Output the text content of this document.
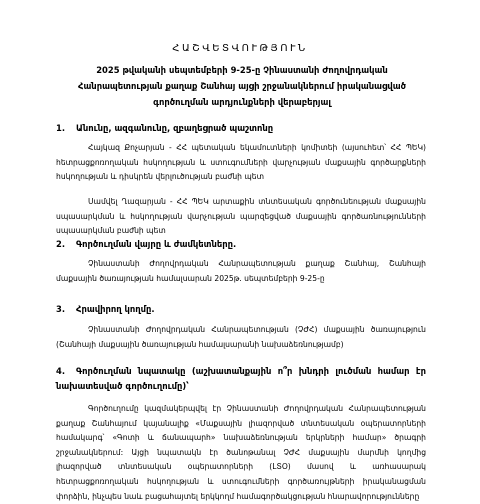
ՀԱՇՎԵՏՎՈՒԹՅՈՒՆ
2025 թվականի սեպտեմբերի 9-25-ը Չինաստանի Ժողովրդական Հանրապետության քաղաք Շանհայ այցի շրջանակներում իրականացված գործուղման արդյունքների վերաբերյալ
1. Անունը, ազգանունը, զբաղեցրած պաշտոնը

Հայկազ Քոչարյան - ՀՀ պետական եկամուտների կոմիտեի (այսուհետ՝ ՀՀ ՊԵԿ) հետրացքոռողական հսկողության և ստուգումների վարչության մաքսային գործարքների հսկողության և դիսկրեն վերլուծության բաժնի պետ

Սամվել Ղազարյան - ՀՀ ՊԵԿ արտաքին տնտեսական գործունեության մաքսային սպասարկման և հսկողության վարչության պարզեցված մաքսային գործառնությունների սպասարկման բաժնի պետ

2. Գործուղման վայրը և ժամկետները.

Չինաստանի Ժողովրդական Հանրապետության քաղաք Շանհայ, Շանհայի մաքսային ծառայության համալսարան 2025թ. սեպտեմբերի 9-25-ը

3. Հրավիրող կողմը.

Չինաստանի Ժողովրդական Հանրապետության (ՉԺՀ) մաքսային ծառայություն (Շանհայի մաքսային ծառայության համալսարանի նախաձեռնությամբ)

4. Գործուղման նպատակը (աշխատանքային ո՞ր խնդրի լուծման համար էր նախատեսված գործուղումը)՝

Գործուղումը կազմակերպվել էր Չինաստանի Ժողովրդական Հանրապետության քաղաք Շանհայում կայանալիք «Մաքսային լիազորված տնտեսական օպերատորների համակարգ՝ «Գոտի և ճանապարհ» նախաձեռնության երկրների համար» ծրագրի շրջանակներում: Այցի նպատակն էր ծանոթանալ ՉԺՀ մաքսային մարմնի կողմից լիազորված տնտեսական օպերատորների (LՏՕ) մասով և առհասարակ հետրացքոռողական հսկողության և ստուգումների գործառույթների իրականացման փորձին, ինչպես նաև բացահայտել երկկողմ համագործակցության հնարավորությունները
